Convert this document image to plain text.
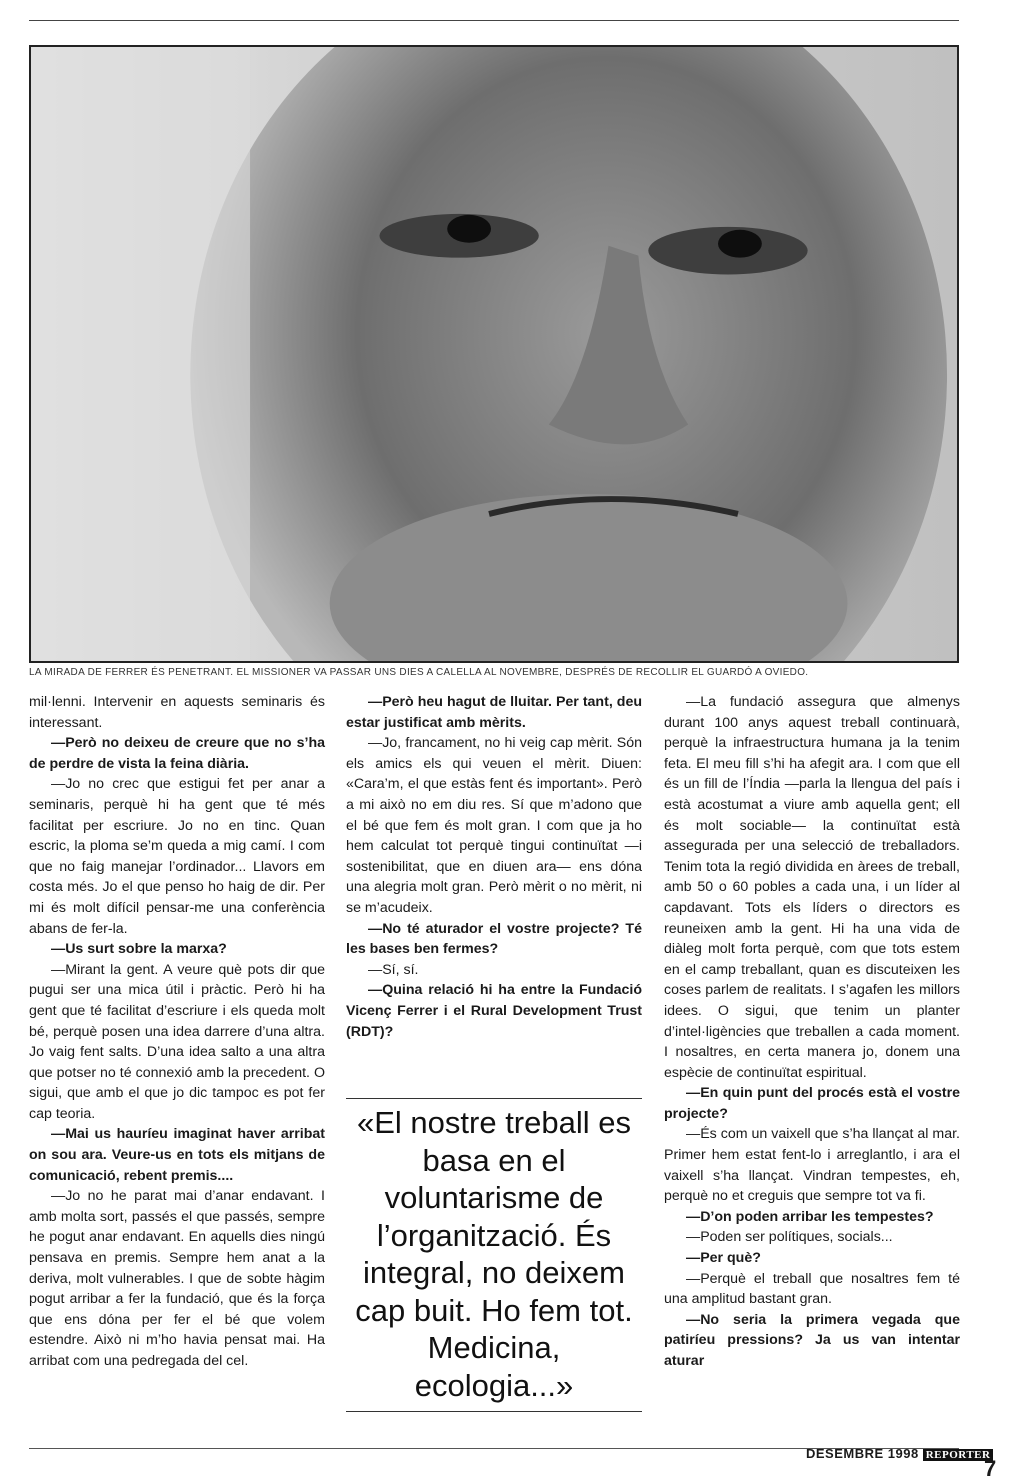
LA MIRADA DE FERRER ÉS PENETRANT. EL MISSIONER VA PASSAR UNS DIES A CALELLA AL NOVEMBRE, DESPRÉS DE RECOLLIR EL GUARDÓ A OVIEDO.

mil·lenni. Intervenir en aquests seminaris és interessant.

—Però no deixeu de creure que no s’ha de perdre de vista la feina diària.

—Jo no crec que estigui fet per anar a seminaris, perquè hi ha gent que té més facilitat per escriure. Jo no en tinc. Quan escric, la ploma se’m queda a mig camí. I com que no faig manejar l’ordinador... Llavors em costa més. Jo el que penso ho haig de dir. Per mi és molt difícil pensar-me una conferència abans de fer-la.

—Us surt sobre la marxa?

—Mirant la gent. A veure què pots dir que pugui ser una mica útil i pràctic. Però hi ha gent que té facilitat d’escriure i els queda molt bé, perquè posen una idea darrere d’una altra. Jo vaig fent salts. D’una idea salto a una altra que potser no té connexió amb la precedent. O sigui, que amb el que jo dic tampoc es pot fer cap teoria.

—Mai us hauríeu imaginat haver arribat on sou ara. Veure-us en tots els mitjans de comunicació, rebent premis....

—Jo no he parat mai d’anar endavant. I amb molta sort, passés el que passés, sempre he pogut anar endavant. En aquells dies ningú pensava en premis. Sempre hem anat a la deriva, molt vulnerables. I que de sobte hàgim pogut arribar a fer la fundació, que és la força que ens dóna per fer el bé que volem estendre. Això ni m’ho havia pensat mai. Ha arribat com una pedregada del cel.

—Però heu hagut de lluitar. Per tant, deu estar justificat amb mèrits.

—Jo, francament, no hi veig cap mèrit. Són els amics els qui veuen el mèrit. Diuen: «Cara’m, el que estàs fent és important». Però a mi això no em diu res. Sí que m’adono que el bé que fem és molt gran. I com que ja ho hem calculat tot perquè tingui continuïtat —i sostenibilitat, que en diuen ara— ens dóna una alegria molt gran. Però mèrit o no mèrit, ni se m’acudeix.

—No té aturador el vostre projecte? Té les bases ben fermes?

—Sí, sí.

—Quina relació hi ha entre la Fundació Vicenç Ferrer i el Rural Development Trust (RDT)?

«El nostre treball es basa en el voluntarisme de l’organització. És integral, no deixem cap buit. Ho fem tot. Medicina, ecologia...»

—La fundació assegura que almenys durant 100 anys aquest treball continuarà, perquè la infraestructura humana ja la tenim feta. El meu fill s’hi ha afegit ara. I com que ell és un fill de l’Índia —parla la llengua del país i està acostumat a viure amb aquella gent; ell és molt sociable— la continuïtat està assegurada per una selecció de treballadors. Tenim tota la regió dividida en àrees de treball, amb 50 o 60 pobles a cada una, i un líder al capdavant. Tots els líders o directors es reuneixen amb la gent. Hi ha una vida de diàleg molt forta perquè, com que tots estem en el camp treballant, quan es discuteixen les coses parlem de realitats. I s’agafen les millors idees. O sigui, que tenim un planter d’intel·ligències que treballen a cada moment. I nosaltres, en certa manera jo, donem una espècie de continuïtat espiritual.

—En quin punt del procés està el vostre projecte?

—És com un vaixell que s’ha llançat al mar. Primer hem estat fent-lo i arreglantlo, i ara el vaixell s’ha llançat. Vindran tempestes, eh, perquè no et creguis que sempre tot va fi.

—D’on poden arribar les tempestes?

—Poden ser polítiques, socials...

—Per què?

—Perquè el treball que nosaltres fem té una amplitud bastant gran.

—No seria la primera vegada que patiríeu pressions? Ja us van intentar aturar

DESEMBRE 1998 REPORTER
7
